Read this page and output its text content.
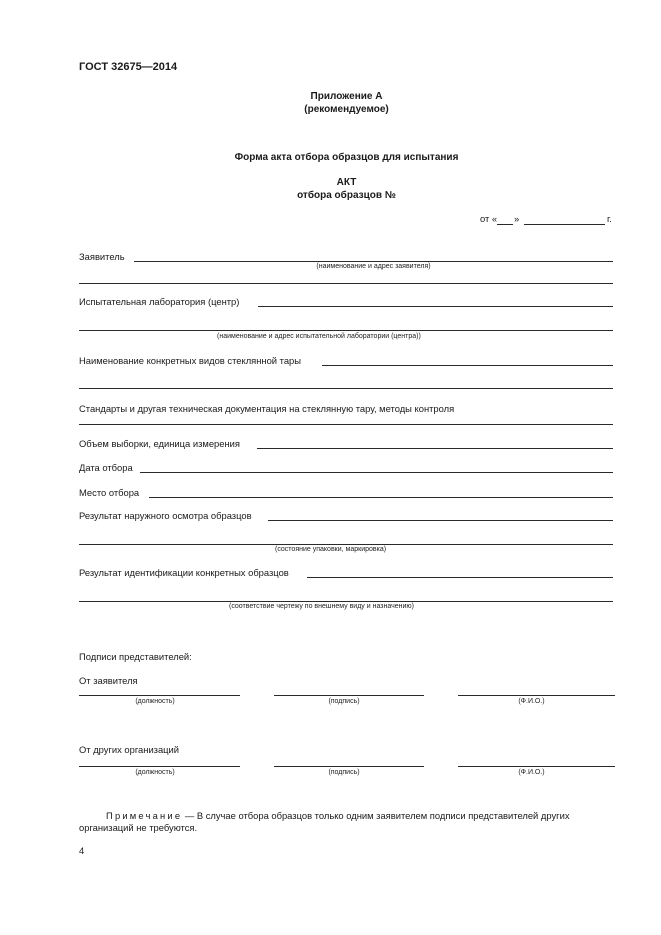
ГОСТ 32675—2014
Приложение А
(рекомендуемое)
Форма акта отбора образцов для испытания
АКТ
отбора образцов №
от « »	г.
Заявитель
(наименование и адрес заявителя)
Испытательная лаборатория (центр)
(наименование и адрес испытательной лаборатории (центра))
Наименование конкретных видов стеклянной тары
Стандарты и другая техническая документация на стеклянную тару, методы контроля
Объем выборки, единица измерения
Дата отбора
Место отбора
Результат наружного осмотра образцов
(состояние упаковки, маркировка)
Результат идентификации конкретных образцов
(соответствие чертежу по внешнему виду и назначению)
Подписи представителей:
От заявителя
(должность)	(подпись)	(Ф.И.О.)
От других организаций
(должность)	(подпись)	(Ф.И.О.)
Примечание — В случае отбора образцов только одним заявителем подписи представителей других
организаций не требуются.
4
